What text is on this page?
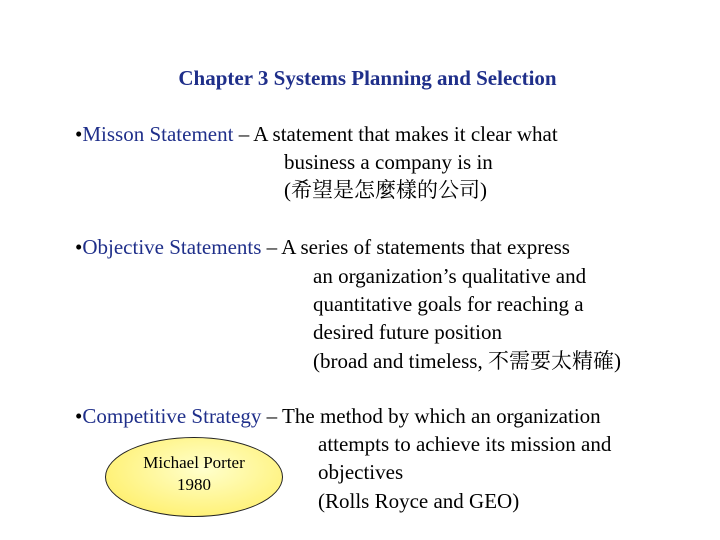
Chapter 3 Systems Planning and Selection
•Misson Statement – A statement that makes it clear what
business a company is in
(希望是怎麼樣的公司)
•Objective Statements – A series of statements that express
an organization’s qualitative and
quantitative goals for reaching a
desired future position
(broad and timeless, 不需要太精確)
•Competitive Strategy – The method by which an organization
attempts to achieve its mission and
objectives
(Rolls Royce and GEO)
Michael Porter
1980
